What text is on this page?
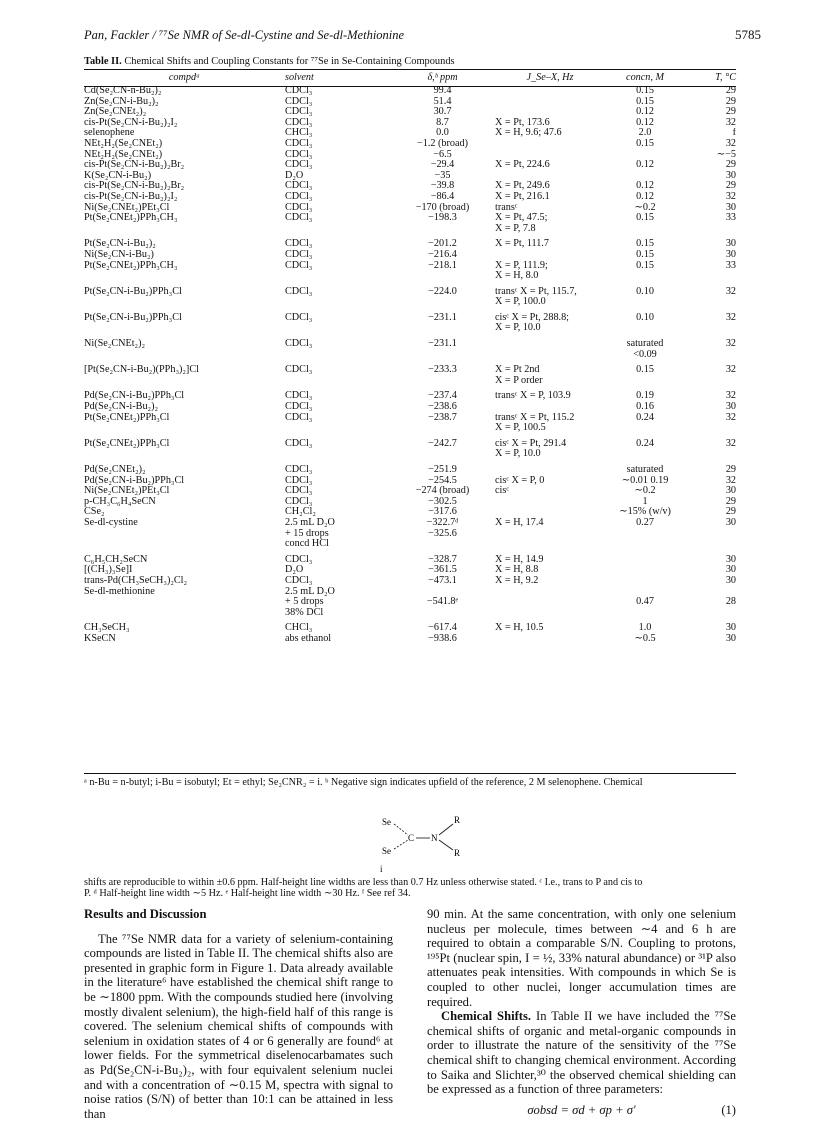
Pan, Fackler / ⁷⁷Se NMR of Se-dl-Cystine and Se-dl-Methionine	5785
Table II. Chemical Shifts and Coupling Constants for ⁷⁷Se in Se-Containing Compounds
compdᵃ	solvent	δ,ᵇ ppm	J_Se–X, Hz	concn, M	T, °C
Cd(Se₂CN-n-Bu₂)₂	CDCl₃	99.4		0.15	29
Zn(Se₂CN-i-Bu₂)₂	CDCl₃	51.4		0.15	29
Zn(Se₂CNEt₂)₂	CDCl₃	30.7		0.12	29
cis-Pt(Se₂CN-i-Bu₂)₂I₂	CDCl₃	8.7	X = Pt, 173.6	0.12	32
selenophene	CHCl₃	0.0	X = H, 9.6; 47.6	2.0	f
NEt₂H₂(Se₂CNEt₂)	CDCl₃	−1.2 (broad)		0.15	32
NEt₂H₂(Se₂CNEt₂)	CDCl₃	−6.5			∼−5
cis-Pt(Se₂CN-i-Bu₂)₂Br₂	CDCl₃	−29.4	X = Pt, 224.6	0.12	29
K(Se₂CN-i-Bu₂)	D₂O	−35			30
cis-Pt(Se₂CN-i-Bu₂)₂Br₂	CDCl₃	−39.8	X = Pt, 249.6	0.12	29
cis-Pt(Se₂CN-i-Bu₂)₂I₂	CDCl₃	−86.4	X = Pt, 216.1	0.12	32
Ni(Se₂CNEt₂)PEt₃Cl	CDCl₃	−170 (broad)	transᶜ	∼0.2	30
Pt(Se₂CNEt₂)PPh₃CH₃	CDCl₃	−198.3	X = Pt, 47.5;	0.15	33
			X = P, 7.8		
Pt(Se₂CN-i-Bu₂)₂	CDCl₃	−201.2	X = Pt, 111.7	0.15	30
Ni(Se₂CN-i-Bu₂)	CDCl₃	−216.4		0.15	30
Pt(Se₂CNEt₂)PPh₃CH₃	CDCl₃	−218.1	X = P, 111.9;	0.15	33
			X = H, 8.0		
Pt(Se₂CN-i-Bu₂)PPh₃Cl	CDCl₃	−224.0	transᶜ X = Pt, 115.7,	0.10	32
			X = P, 100.0		
Pt(Se₂CN-i-Bu₂)PPh₃Cl	CDCl₃	−231.1	cisᶜ X = Pt, 288.8;	0.10	32
			X = P, 10.0		
Ni(Se₂CNEt₂)₂	CDCl₃	−231.1		saturated	32
				<0.09	
[Pt(Se₂CN-i-Bu₂)(PPh₃)₂]Cl	CDCl₃	−233.3	X = Pt 2nd	0.15	32
			X = P order		
Pd(Se₂CN-i-Bu₂)PPh₃Cl	CDCl₃	−237.4	transᶜ X = P, 103.9	0.19	32
Pd(Se₂CN-i-Bu₂)₂	CDCl₃	−238.6		0.16	30
Pt(Se₂CNEt₂)PPh₃Cl	CDCl₃	−238.7	transᶜ X = Pt, 115.2	0.24	32
			X = P, 100.5		
Pt(Se₂CNEt₂)PPh₃Cl	CDCl₃	−242.7	cisᶜ X = Pt, 291.4	0.24	32
			X = P, 10.0		
Pd(Se₂CNEt₂)₂	CDCl₃	−251.9		saturated	29
Pd(Se₂CN-i-Bu₂)PPh₃Cl	CDCl₃	−254.5	cisᶜ X = P, 0	∼0.01 0.19	32
Ni(Se₂CNEt₂)PEt₃Cl	CDCl₃	−274 (broad)	cisᶜ	∼0.2	30
p-CH₃C₆H₄SeCN	CDCl₃	−302.5		1	29
CSe₂	CH₂Cl₂	−317.6		∼15% (w/v)	29
Se-dl-cystine	2.5 mL D₂O	−322.7ᵈ	X = H, 17.4	0.27	30
	+ 15 drops	−325.6			
	concd HCl				
C₆H₅CH₂SeCN	CDCl₃	−328.7	X = H, 14.9		30
[(CH₃)₃Se]I	D₂O	−361.5	X = H, 8.8		30
trans-Pd(CH₃SeCH₃)₂Cl₂	CDCl₃	−473.1	X = H, 9.2		30
Se-dl-methionine	2.5 mL D₂O				
	+ 5 drops	−541.8ᵉ		0.47	28
	38% DCl				
CH₃SeCH₃	CHCl₃	−617.4	X = H, 10.5	1.0	30
KSeCN	abs ethanol	−938.6		∼0.5	30
ᵃ n-Bu = n-butyl; i-Bu = isobutyl; Et = ethyl; Se₂CNR₂ = i. ᵇ Negative sign indicates upfield of the reference, 2 M selenophene. Chemical
Se
Se
C N
R
R
i
shifts are reproducible to within ±0.6 ppm. Half-height line widths are less than 0.7 Hz unless otherwise stated. ᶜ I.e., trans to P and cis to
P. ᵈ Half-height line width ∼5 Hz. ᵉ Half-height line width ∼30 Hz. ᶠ See ref 34.

Results and Discussion

The ⁷⁷Se NMR data for a variety of selenium-containing compounds are listed in Table II. The chemical shifts also are presented in graphic form in Figure 1. Data already available in the literature⁶ have established the chemical shift range to be ∼1800 ppm. With the compounds studied here (involving mostly divalent selenium), the high-field half of this range is covered. The selenium chemical shifts of compounds with selenium in oxidation states of 4 or 6 generally are found⁶ at lower fields. For the symmetrical diselenocarbamates such as Pd(Se₂CN-i-Bu₂)₂, with four equivalent selenium nuclei and with a concentration of ∼0.15 M, spectra with signal to noise ratios (S/N) of better than 10:1 can be attained in less than

90 min. At the same concentration, with only one selenium nucleus per molecule, times between ∼4 and 6 h are required to obtain a comparable S/N. Coupling to protons, ¹⁹⁵Pt (nuclear spin, I = ½, 33% natural abundance) or ³¹P also attenuates peak intensities. With compounds in which Se is coupled to other nuclei, longer accumulation times are required.

Chemical Shifts. In Table II we have included the ⁷⁷Se chemical shifts of organic and metal-organic compounds in order to illustrate the nature of the sensitivity of the ⁷⁷Se chemical shift to changing chemical environment. According to Saika and Slichter,³⁰ the observed chemical shielding can be expressed as a function of three parameters:

σobsd = σd + σp + σ′	(1)
